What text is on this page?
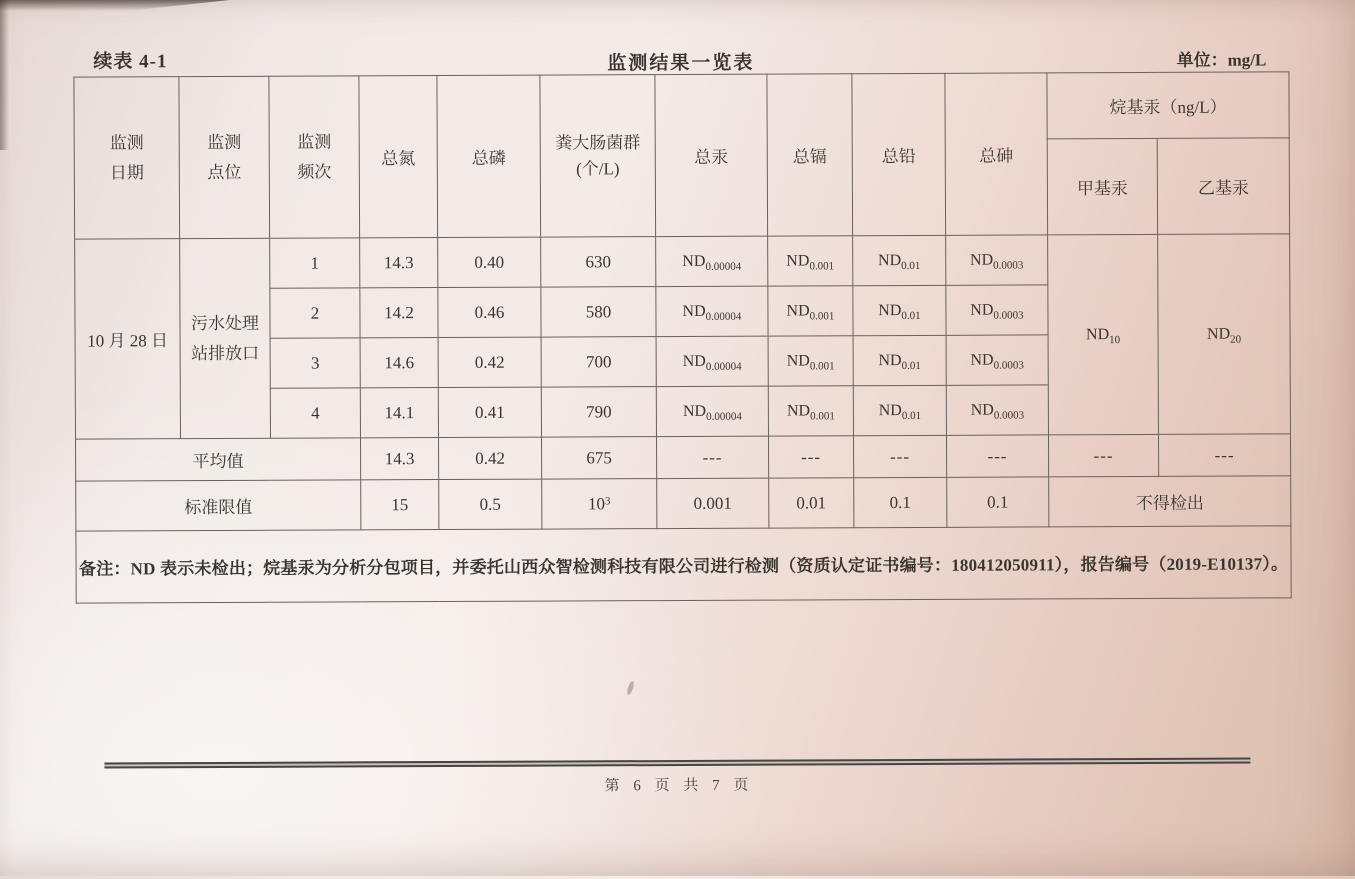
续表 4-1	监测结果一览表	单位：mg/L
监测日期	监测点位	监测频次	总氮	总磷	粪大肠菌群
(个/L)	总汞	总镉	总铅	总砷	烷基汞（ng/L）	
										甲基汞	乙基汞
10 月 28 日	污水处理站排放口	1	14.3	0.40	630	$ND_{0.00004}$	$ND_{0.001}$	$ND_{0.01}$	$ND_{0.0003}$	$ND_{10}$	$ND_{20}$
		2	14.2	0.46	580	$ND_{0.00004}$	$ND_{0.001}$	$ND_{0.01}$	$ND_{0.0003}$
		3	14.6	0.42	700	$ND_{0.00004}$	$ND_{0.001}$	$ND_{0.01}$	$ND_{0.0003}$
		4	14.1	0.41	790	$ND_{0.00004}$	$ND_{0.001}$	$ND_{0.01}$	$ND_{0.0003}$
平均值			14.3	0.42	675	---	---	---	---	---	---
标准限值			15	0.5	$10^3$	0.001	0.01	0.1	0.1	不得检出	
备注：ND 表示未检出；烷基汞为分析分包项目，并委托山西众智检测科技有限公司进行检测（资质认定证书编号：180412050911），报告编号（2019-E10137）。											
第 6 页 共 7 页
